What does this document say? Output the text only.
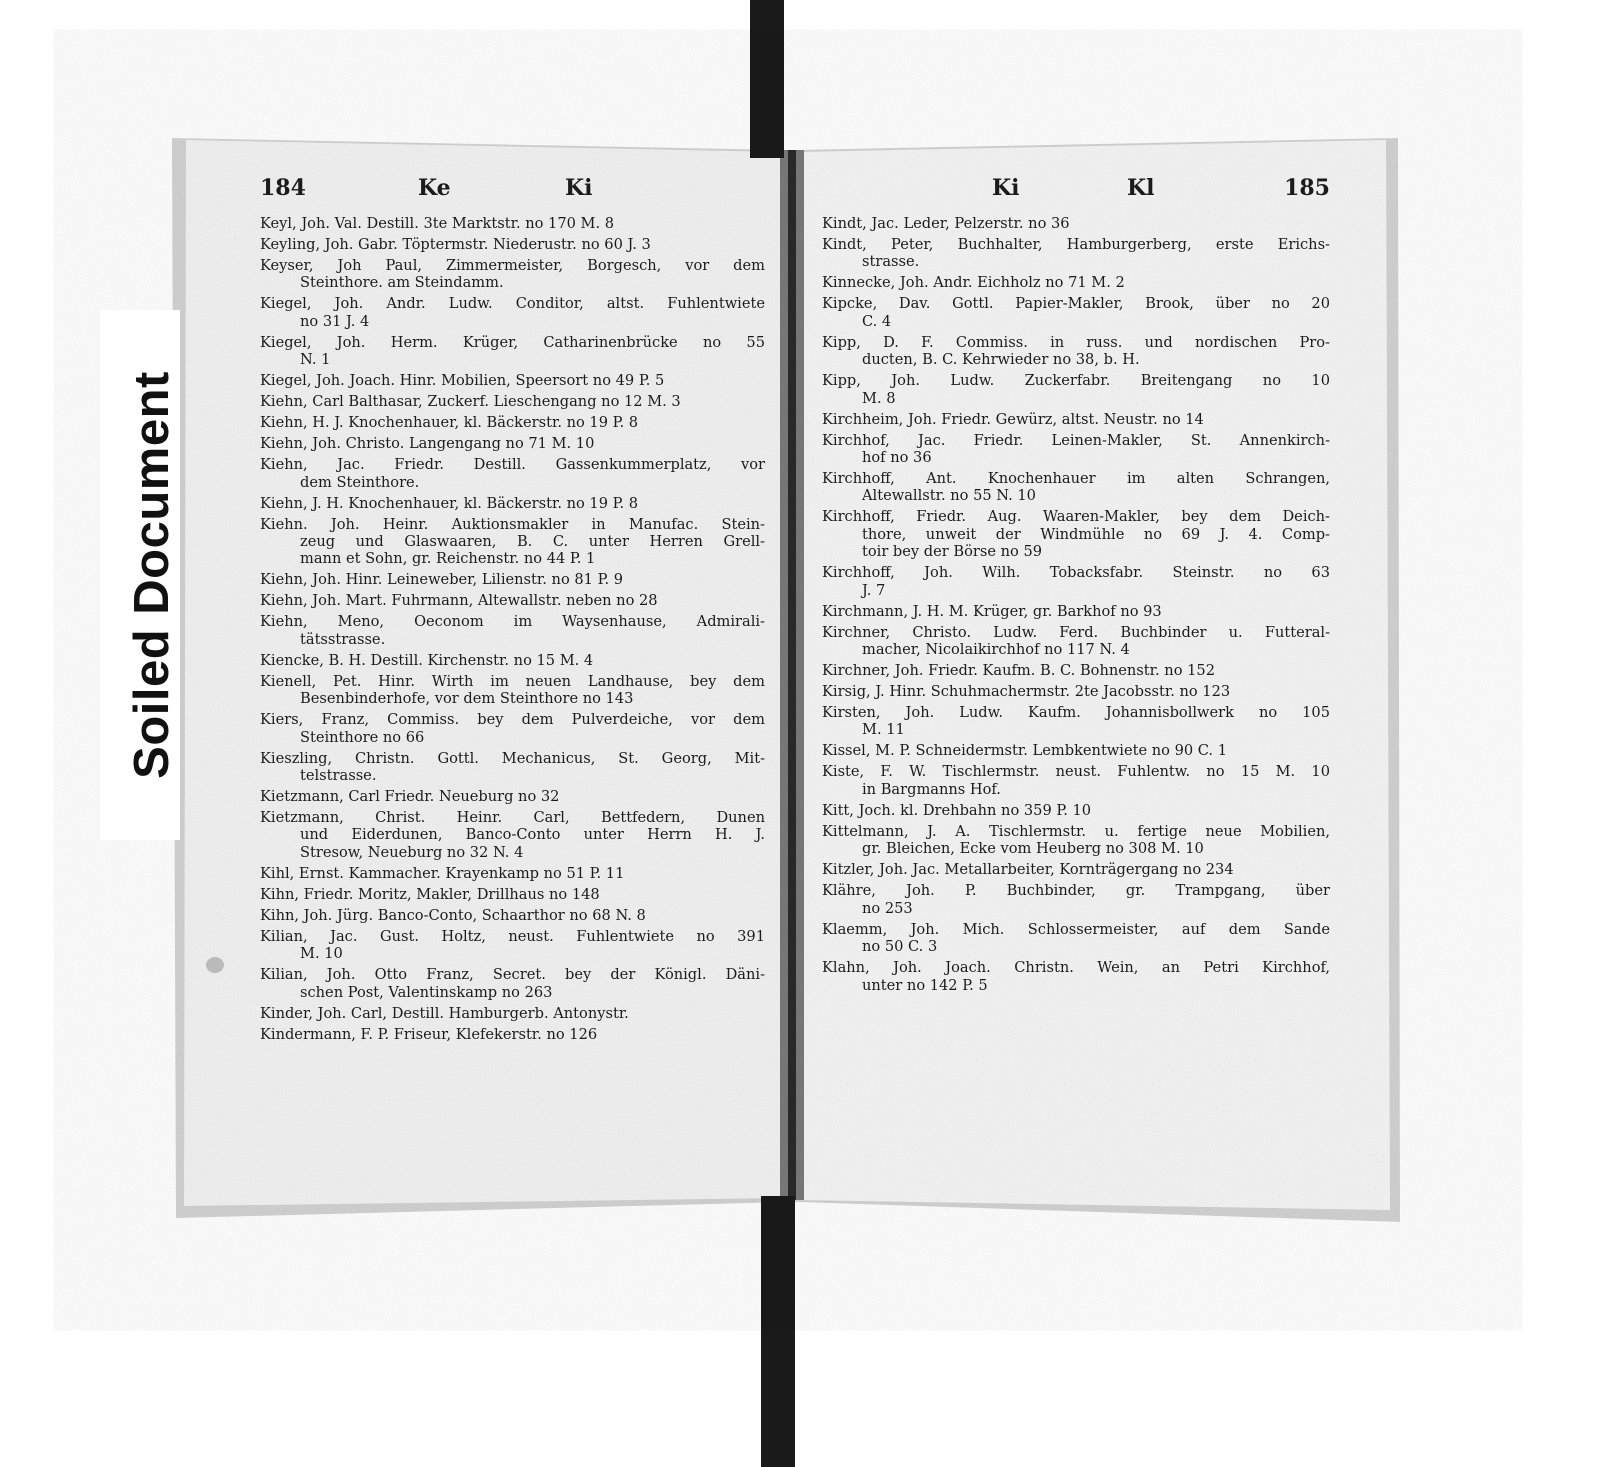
Soiled Document
184	Ke	Ki
Keyl, Joh. Val. Destill. 3te Marktstr. no 170 M. 8
Keyling, Joh. Gabr. Töptermstr. Niederustr. no 60 J. 3
Keyser, Joh Paul, Zimmermeister, Borgesch, vor dem
Steinthore. am Steindamm.
Kiegel, Joh. Andr. Ludw. Conditor, altst. Fuhlentwiete
no 31 J. 4
Kiegel, Joh. Herm. Krüger, Catharinenbrücke no 55
N. 1
Kiegel, Joh. Joach. Hinr. Mobilien, Speersort no 49 P. 5
Kiehn, Carl Balthasar, Zuckerf. Lieschengang no 12 M. 3
Kiehn, H. J. Knochenhauer, kl. Bäckerstr. no 19 P. 8
Kiehn, Joh. Christo. Langengang no 71 M. 10
Kiehn, Jac. Friedr. Destill. Gassenkummerplatz, vor
dem Steinthore.
Kiehn, J. H. Knochenhauer, kl. Bäckerstr. no 19 P. 8
Kiehn. Joh. Heinr. Auktionsmakler in Manufac. Stein-
zeug und Glaswaaren, B. C. unter Herren Grell-
mann et Sohn, gr. Reichenstr. no 44 P. 1
Kiehn, Joh. Hinr. Leineweber, Lilienstr. no 81 P. 9
Kiehn, Joh. Mart. Fuhrmann, Altewallstr. neben no 28
Kiehn, Meno, Oeconom im Waysenhause, Admirali-
tätsstrasse.
Kiencke, B. H. Destill. Kirchenstr. no 15 M. 4
Kienell, Pet. Hinr. Wirth im neuen Landhause, bey dem
Besenbinderhofe, vor dem Steinthore no 143
Kiers, Franz, Commiss. bey dem Pulverdeiche, vor dem
Steinthore no 66
Kieszling, Christn. Gottl. Mechanicus, St. Georg, Mit-
telstrasse.
Kietzmann, Carl Friedr. Neueburg no 32
Kietzmann, Christ. Heinr. Carl, Bettfedern, Dunen
und Eiderdunen, Banco-Conto unter Herrn H. J.
Stresow, Neueburg no 32 N. 4
Kihl, Ernst. Kammacher. Krayenkamp no 51 P. 11
Kihn, Friedr. Moritz, Makler, Drillhaus no 148
Kihn, Joh. Jürg. Banco-Conto, Schaarthor no 68 N. 8
Kilian, Jac. Gust. Holtz, neust. Fuhlentwiete no 391
M. 10
Kilian, Joh. Otto Franz, Secret. bey der Königl. Däni-
schen Post, Valentinskamp no 263
Kinder, Joh. Carl, Destill. Hamburgerb. Antonystr.
Kindermann, F. P. Friseur, Klefekerstr. no 126
Ki	Kl	185
Kindt, Jac. Leder, Pelzerstr. no 36
Kindt, Peter, Buchhalter, Hamburgerberg, erste Erichs-
strasse.
Kinnecke, Joh. Andr. Eichholz no 71 M. 2
Kipcke, Dav. Gottl. Papier-Makler, Brook, über no 20
C. 4
Kipp, D. F. Commiss. in russ. und nordischen Pro-
ducten, B. C. Kehrwieder no 38, b. H.
Kipp, Joh. Ludw. Zuckerfabr. Breitengang no 10
M. 8
Kirchheim, Joh. Friedr. Gewürz, altst. Neustr. no 14
Kirchhof, Jac. Friedr. Leinen-Makler, St. Annenkirch-
hof no 36
Kirchhoff, Ant. Knochenhauer im alten Schrangen,
Altewallstr. no 55 N. 10
Kirchhoff, Friedr. Aug. Waaren-Makler, bey dem Deich-
thore, unweit der Windmühle no 69 J. 4. Comp-
toir bey der Börse no 59
Kirchhoff, Joh. Wilh. Tobacksfabr. Steinstr. no 63
J. 7
Kirchmann, J. H. M. Krüger, gr. Barkhof no 93
Kirchner, Christo. Ludw. Ferd. Buchbinder u. Futteral-
macher, Nicolaikirchhof no 117 N. 4
Kirchner, Joh. Friedr. Kaufm. B. C. Bohnenstr. no 152
Kirsig, J. Hinr. Schuhmachermstr. 2te Jacobsstr. no 123
Kirsten, Joh. Ludw. Kaufm. Johannisbollwerk no 105
M. 11
Kissel, M. P. Schneidermstr. Lembkentwiete no 90 C. 1
Kiste, F. W. Tischlermstr. neust. Fuhlentw. no 15 M. 10
in Bargmanns Hof.
Kitt, Joch. kl. Drehbahn no 359 P. 10
Kittelmann, J. A. Tischlermstr. u. fertige neue Mobilien,
gr. Bleichen, Ecke vom Heuberg no 308 M. 10
Kitzler, Joh. Jac. Metallarbeiter, Kornträgergang no 234
Klähre, Joh. P. Buchbinder, gr. Trampgang, über
no 253
Klaemm, Joh. Mich. Schlossermeister, auf dem Sande
no 50 C. 3
Klahn, Joh. Joach. Christn. Wein, an Petri Kirchhof,
unter no 142 P. 5
